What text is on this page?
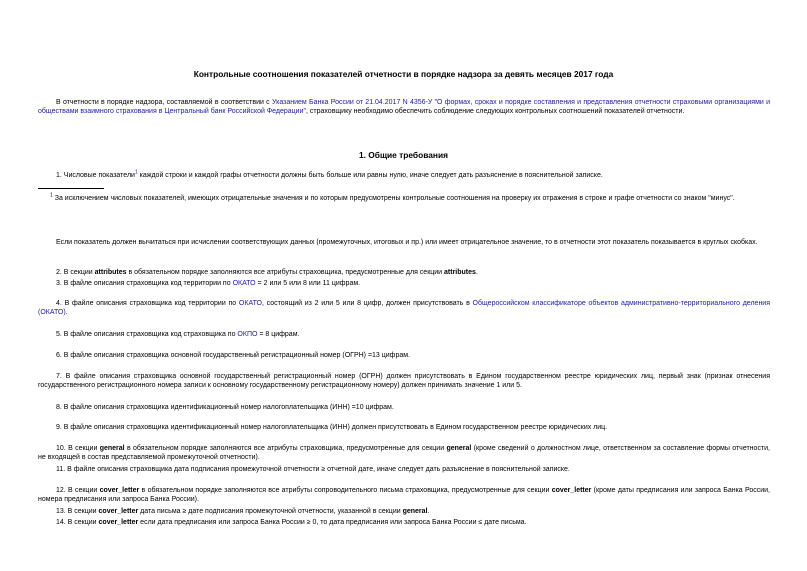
Контрольные соотношения показателей отчетности в порядке надзора за девять месяцев 2017 года
В отчетности в порядке надзора, составляемой в соответствии с Указанием Банка России от 21.04.2017 N 4356-У "О формах, сроках и порядке составления и представления отчетности страховыми организациями и обществами взаимного страхования в Центральный банк Российской Федерации", страховщику необходимо обеспечить соблюдение следующих контрольных соотношений показателей отчетности.
1. Общие требования
1. Числовые показатели$^1$ каждой строки и каждой графы отчетности должны быть больше или равны нулю, иначе следует дать разъяснение в пояснительной записке.
$^1$ За исключением числовых показателей, имеющих отрицательные значения и по которым предусмотрены контрольные соотношения на проверку их отражения в строке и графе отчетности со знаком "минус".
Если показатель должен вычитаться при исчислении соответствующих данных (промежуточных, итоговых и пр.) или имеет отрицательное значение, то в отчетности этот показатель показывается в круглых скобках.
2. В секции attributes в обязательном порядке заполняются все атрибуты страховщика, предусмотренные для секции attributes.
3. В файле описания страховщика код территории по ОКАТО = 2 или 5 или 8 или 11 цифрам.
4. В файле описания страховщика код территории по ОКАТО, состоящий из 2 или 5 или 8 цифр, должен присутствовать в Общероссийском классификаторе объектов административно-территориального деления (ОКАТО).
5. В файле описания страховщика код страховщика по ОКПО = 8 цифрам.
6. В файле описания страховщика основной государственный регистрационный номер (ОГРН) =13 цифрам.
7. В файле описания страховщика основной государственный регистрационный номер (ОГРН) должен присутствовать в Едином государственном реестре юридических лиц, первый знак (признак отнесения государственного регистрационного номера записи к основному государственному регистрационному номеру) должен принимать значение 1 или 5.
8. В файле описания страховщика идентификационный номер налогоплательщика (ИНН) =10 цифрам.
9. В файле описания страховщика идентификационный номер налогоплательщика (ИНН) должен присутствовать в Едином государственном реестре юридических лиц.
10. В секции general в обязательном порядке заполняются все атрибуты страховщика, предусмотренные для секции general (кроме сведений о должностном лице, ответственном за составление формы отчетности, не входящей в состав представляемой промежуточной отчетности).
11. В файле описания страховщика дата подписания промежуточной отчетности ≥ отчетной дате, иначе следует дать разъяснение в пояснительной записке.
12. В секции cover_letter в обязательном порядке заполняются все атрибуты сопроводительного письма страховщика, предусмотренные для секции cover_letter (кроме даты предписания или запроса Банка России, номера предписания или запроса Банка России).
13. В секции cover_letter дата письма ≥ дате подписания промежуточной отчетности, указанной в секции general.
14. В секции cover_letter если дата предписания или запроса Банка России ≥ 0, то дата предписания или запроса Банка России ≤ дате письма.
